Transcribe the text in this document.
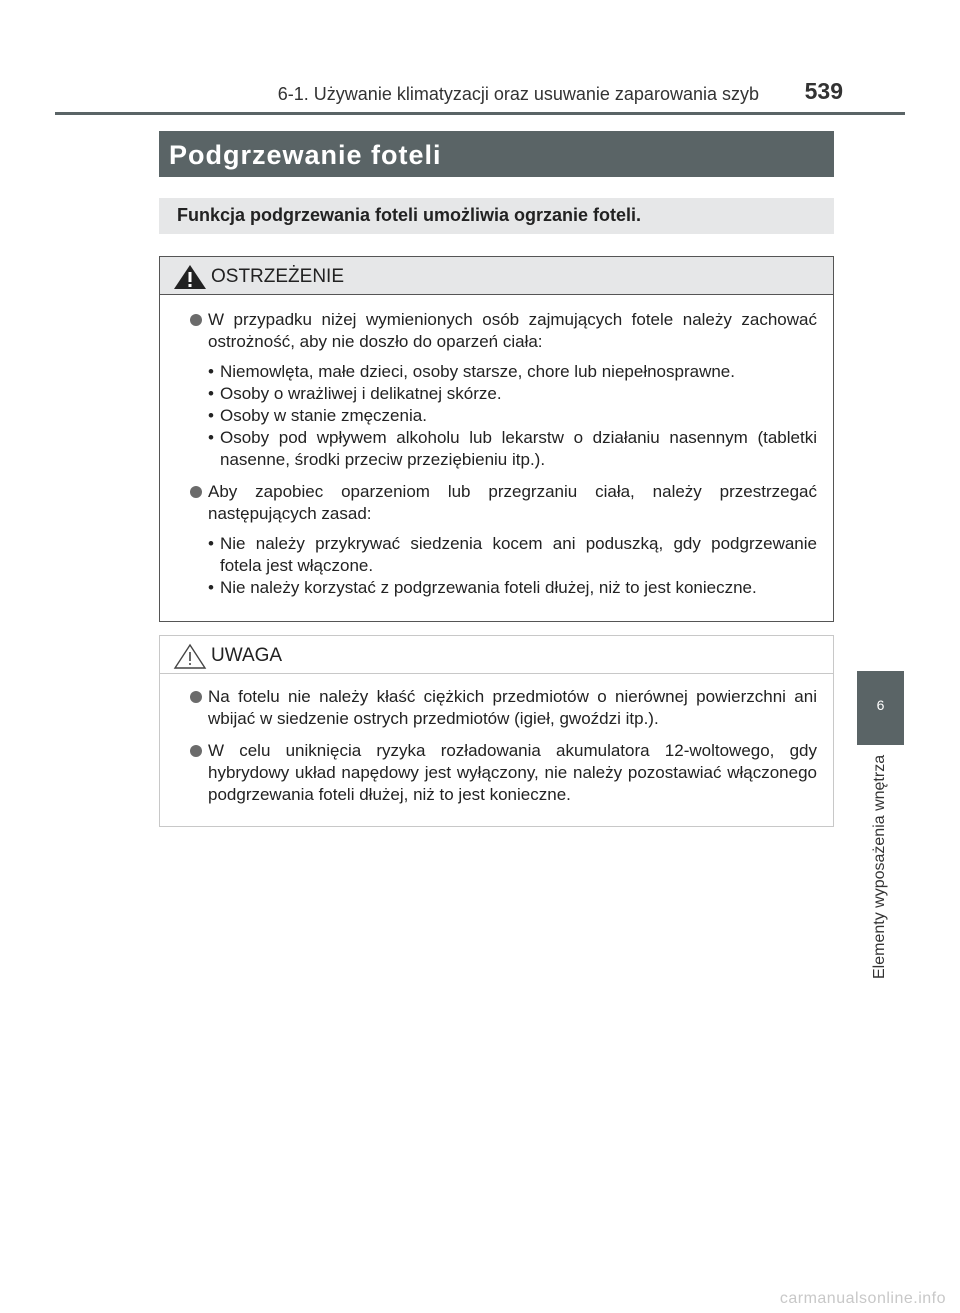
6-1. Używanie klimatyzacji oraz usuwanie zaparowania szyb 539
Podgrzewanie foteli
Funkcja podgrzewania foteli umożliwia ogrzanie foteli.
OSTRZEŻENIE
W przypadku niżej wymienionych osób zajmujących fotele należy zachować ostrożność, aby nie doszło do oparzeń ciała:
• Niemowlęta, małe dzieci, osoby starsze, chore lub niepełnosprawne.
• Osoby o wrażliwej i delikatnej skórze.
• Osoby w stanie zmęczenia.
• Osoby pod wpływem alkoholu lub lekarstw o działaniu nasennym (tabletki nasenne, środki przeciw przeziębieniu itp.).
Aby zapobiec oparzeniom lub przegrzaniu ciała, należy przestrzegać następujących zasad:
• Nie należy przykrywać siedzenia kocem ani poduszką, gdy podgrzewanie fotela jest włączone.
• Nie należy korzystać z podgrzewania foteli dłużej, niż to jest konieczne.
UWAGA
Na fotelu nie należy kłaść ciężkich przedmiotów o nierównej powierzchni ani wbijać w siedzenie ostrych przedmiotów (igieł, gwoździ itp.).
W celu uniknięcia ryzyka rozładowania akumulatora 12-woltowego, gdy hybrydowy układ napędowy jest wyłączony, nie należy pozostawiać włączonego podgrzewania foteli dłużej, niż to jest konieczne.
6
Elementy wyposażenia wnętrza
carmanualsonline.info
